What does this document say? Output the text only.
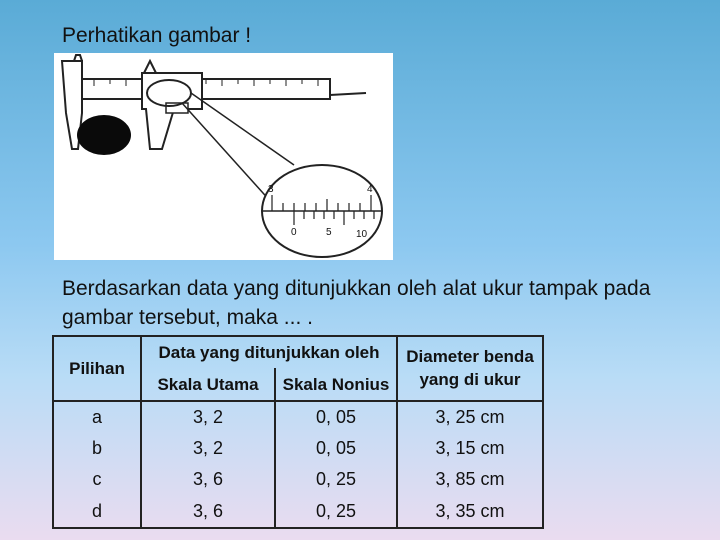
Perhatikan gambar !
3	4
0	5 10
Berdasarkan data yang ditunjukkan oleh alat ukur tampak pada gambar tersebut, maka ... .
Pilihan	Data yang ditunjukkan oleh		Diameter benda yang di ukur
	Skala Utama	Skala Nonius	
a	3, 2	0, 05	3, 25 cm
b	3, 2	0, 05	3, 15 cm
c	3, 6	0, 25	3, 85 cm
d	3, 6	0, 25	3, 35 cm
